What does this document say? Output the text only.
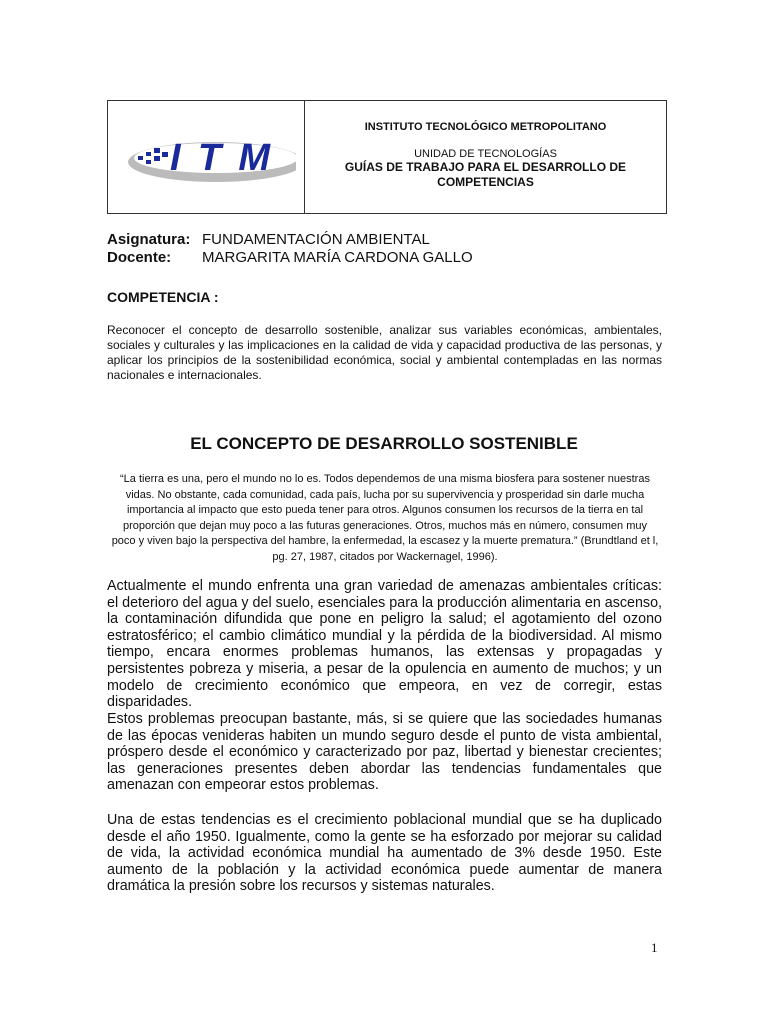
ITM
INSTITUTO TECNOLÓGICO METROPOLITANO
UNIDAD DE TECNOLOGÍAS
GUÍAS DE TRABAJO PARA EL DESARROLLO DE COMPETENCIAS
Asignatura: FUNDAMENTACIÓN AMBIENTAL
Docente:	MARGARITA MARÍA CARDONA GALLO
COMPETENCIA :
Reconocer el concepto de desarrollo sostenible, analizar sus variables económicas, ambientales, sociales y culturales y las implicaciones en la calidad de vida y capacidad productiva de las personas, y aplicar los principios de la sostenibilidad económica, social y ambiental contempladas en las normas nacionales e internacionales.
EL CONCEPTO DE DESARROLLO SOSTENIBLE
“La tierra es una, pero el mundo no lo es. Todos dependemos de una misma biosfera para sostener nuestras vidas. No obstante, cada comunidad, cada país, lucha por su supervivencia y prosperidad sin darle mucha importancia al impacto que esto pueda tener para otros. Algunos consumen los recursos de la tierra en tal proporción que dejan muy poco a las futuras generaciones. Otros, muchos más en número, consumen muy poco y viven bajo la perspectiva del hambre, la enfermedad, la escasez y la muerte prematura.” (Brundtland et l, pg. 27, 1987, citados por Wackernagel, 1996).
Actualmente el mundo enfrenta una gran variedad de amenazas ambientales críticas: el deterioro del agua y del suelo, esenciales para la producción alimentaria en ascenso, la contaminación difundida que pone en peligro la salud; el agotamiento del ozono estratosférico; el cambio climático mundial y la pérdida de la biodiversidad. Al mismo tiempo, encara enormes problemas humanos, las extensas y propagadas y persistentes pobreza y miseria, a pesar de la opulencia en aumento de muchos; y un modelo de crecimiento económico que empeora, en vez de corregir, estas disparidades.
Estos problemas preocupan bastante, más, si se quiere que las sociedades humanas de las épocas venideras habiten un mundo seguro desde el punto de vista ambiental, próspero desde el económico y caracterizado por paz, libertad y bienestar crecientes; las generaciones presentes deben abordar las tendencias fundamentales que amenazan con empeorar estos problemas.
Una de estas tendencias es el crecimiento poblacional mundial que se ha duplicado desde el año 1950. Igualmente, como la gente se ha esforzado por mejorar su calidad de vida, la actividad económica mundial ha aumentado de 3% desde 1950. Este aumento de la población y la actividad económica puede aumentar de manera dramática la presión sobre los recursos y sistemas naturales.
1
